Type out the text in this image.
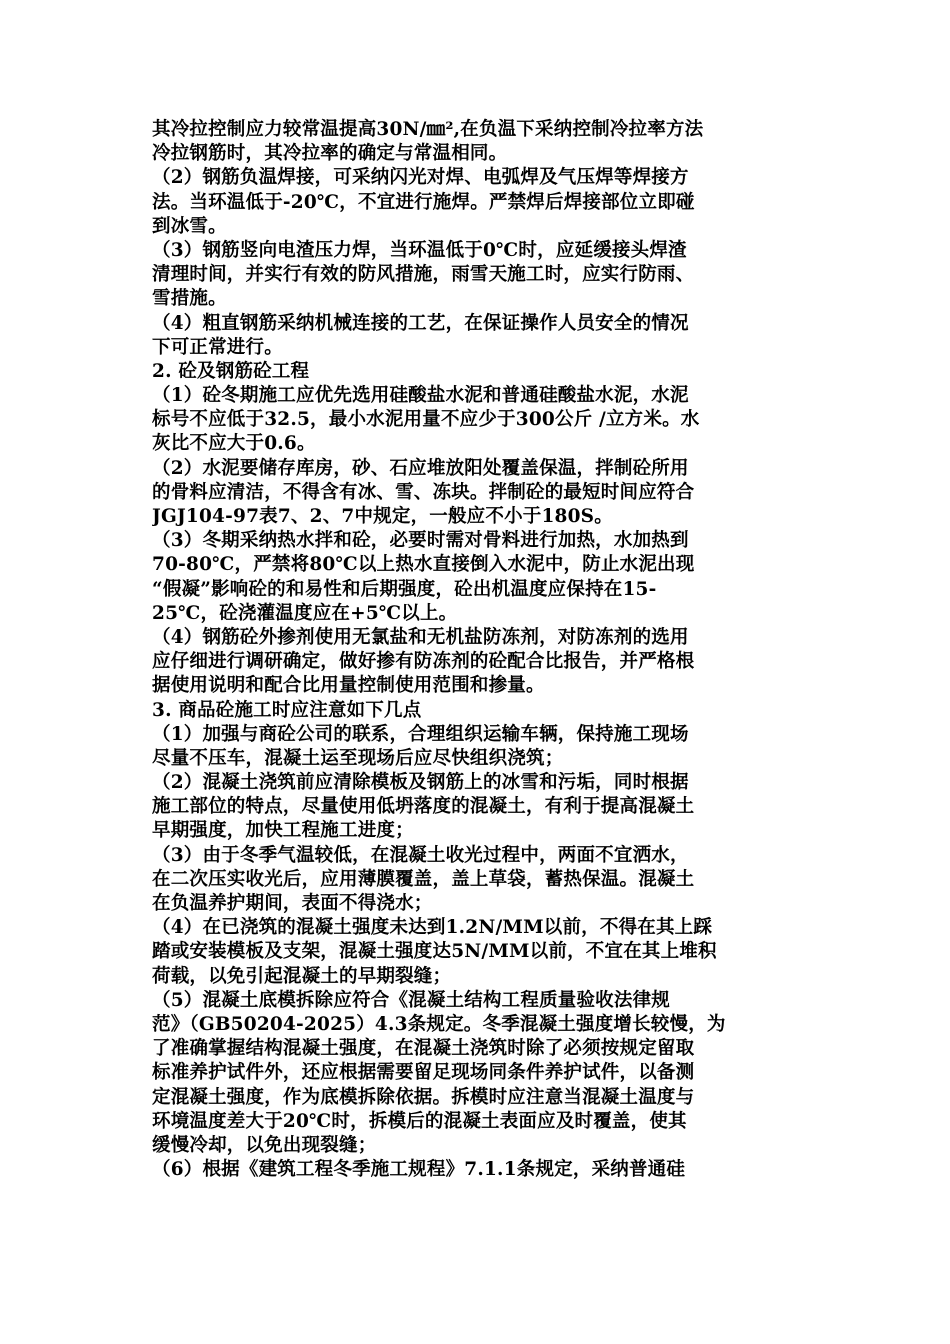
其冷拉控制应力较常温提高30N/㎜²,在负温下采纳控制冷拉率方法
冷拉钢筋时，其冷拉率的确定与常温相同。
（2）钢筋负温焊接，可采纳闪光对焊、电弧焊及气压焊等焊接方
法。当环温低于-20℃，不宜进行施焊。严禁焊后焊接部位立即碰
到冰雪。
（3）钢筋竖向电渣压力焊，当环温低于0℃时，应延缓接头焊渣
清理时间，并实行有效的防风措施，雨雪天施工时，应实行防雨、
雪措施。
（4）粗直钢筋采纳机械连接的工艺，在保证操作人员安全的情况
下可正常进行。
2. 砼及钢筋砼工程
（1）砼冬期施工应优先选用硅酸盐水泥和普通硅酸盐水泥，水泥
标号不应低于32.5，最小水泥用量不应少于300公斤 /立方米。水
灰比不应大于0.6。
（2）水泥要储存库房，砂、石应堆放阳处覆盖保温，拌制砼所用
的骨料应清洁，不得含有冰、雪、冻块。拌制砼的最短时间应符合
JGJ104-97表7、2、7中规定，一般应不小于180S。
（3）冬期采纳热水拌和砼，必要时需对骨料进行加热，水加热到
70-80℃，严禁将80℃以上热水直接倒入水泥中，防止水泥出现
“假凝”影响砼的和易性和后期强度，砼出机温度应保持在15-
25℃，砼浇灌温度应在+5℃以上。
（4）钢筋砼外掺剂使用无氯盐和无机盐防冻剂，对防冻剂的选用
应仔细进行调研确定，做好掺有防冻剂的砼配合比报告，并严格根
据使用说明和配合比用量控制使用范围和掺量。
3. 商品砼施工时应注意如下几点
（1）加强与商砼公司的联系，合理组织运输车辆，保持施工现场
尽量不压车，混凝土运至现场后应尽快组织浇筑；
（2）混凝土浇筑前应清除模板及钢筋上的冰雪和污垢，同时根据
施工部位的特点，尽量使用低坍落度的混凝土，有利于提高混凝土
早期强度，加快工程施工进度；
（3）由于冬季气温较低，在混凝土收光过程中，两面不宜洒水，
在二次压实收光后，应用薄膜覆盖，盖上草袋，蓄热保温。混凝土
在负温养护期间，表面不得浇水；
（4）在已浇筑的混凝土强度未达到1.2N/MM以前，不得在其上踩
踏或安装模板及支架，混凝土强度达5N/MM以前，不宜在其上堆积
荷载，以免引起混凝土的早期裂缝；
（5）混凝土底模拆除应符合《混凝土结构工程质量验收法律规
范》（GB50204-2025）4.3条规定。冬季混凝土强度增长较慢，为
了准确掌握结构混凝土强度，在混凝土浇筑时除了必须按规定留取
标准养护试件外，还应根据需要留足现场同条件养护试件，以备测
定混凝土强度，作为底模拆除依据。拆模时应注意当混凝土温度与
环境温度差大于20℃时，拆模后的混凝土表面应及时覆盖，使其
缓慢冷却，以免出现裂缝；
（6）根据《建筑工程冬季施工规程》7.1.1条规定，采纳普通硅
